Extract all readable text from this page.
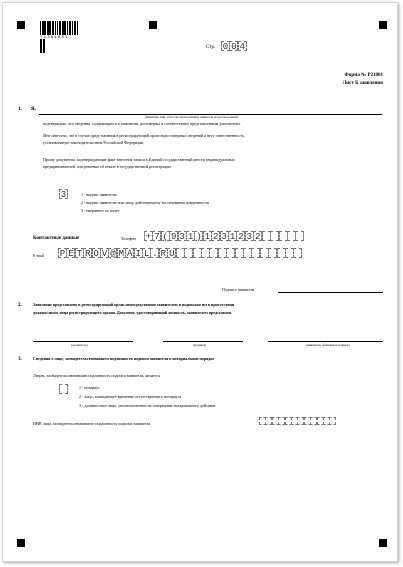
71381051
Стр. 0 0 4
Форма № Р21001
Лист Б заявления
1. Я,
(Фамилия, имя, отчество (при наличии) заявителя на русском языке)
подтверждаю, что сведения, содержащиеся в заявлении, достоверны и соответствуют представленным документам.
Мне известно, что в случае представления в регистрирующий орган недостоверных сведений я несу ответственность,
установленную законодательством Российской Федерации.
Прошу документы, подтверждающие факт внесения записи в Единый государственный реестр индивидуальных
предпринимателей, или решение об отказе в государственной регистрации:
3	1 - выдать заявителю
2 - выдать заявителю или лицу, действующему на основании доверенности
3 - направить по почте
Контактные данные	Телефон + 7 ( 9 3 1 ) 1 2 3 1 2 3 2
E-mail P E T R O V @ M A I L . R U
Подпись заявителя
2.	Заявление представлено в регистрирующий орган непосредственно заявителем и подписано им в присутствии
должностного лица регистрирующего органа. Документ, удостоверяющий личность, заявителем представлен
(должность)	(подпись)	(инициалы, фамилия и подпись)
3.	Сведения о лице, засвидетельствовавшем подлинность подписи заявителя в нотариальном порядке
Лицом, засвидетельствовавшим подлинность подписи заявителя, является
1 - нотариус
2 - лицо, замещающее временно отсутствующего нотариуса
3 - должностное лицо, уполномоченное на совершение нотариального действия
ИНН лица, засвидетельствовавшего подлинность подписи заявителя
